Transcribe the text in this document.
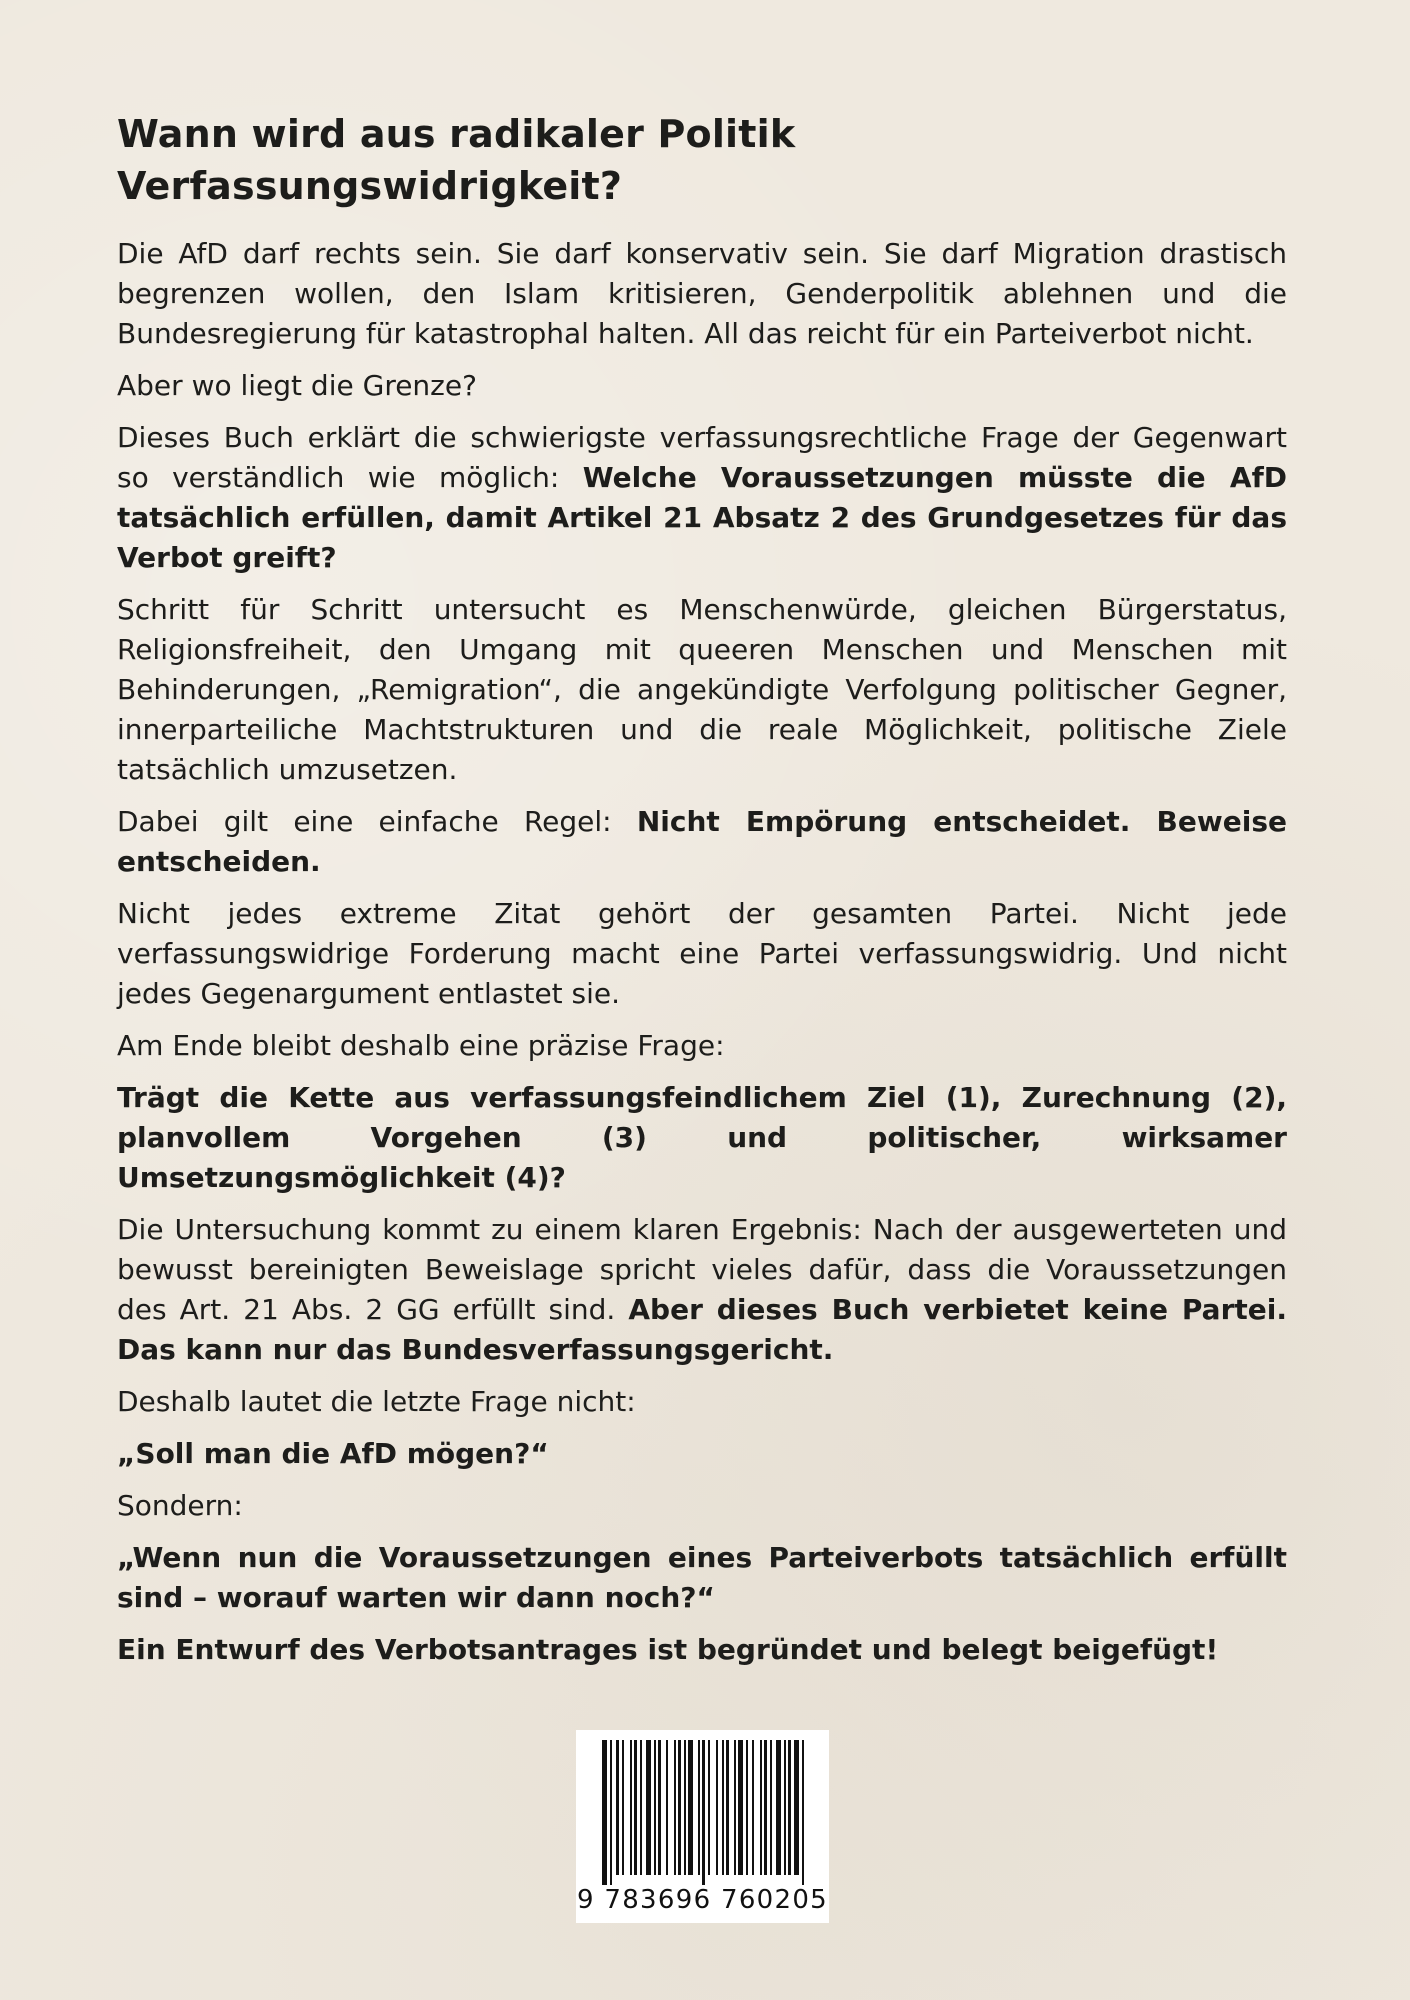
Wann wird aus radikaler Politik Verfassungswidrigkeit?

Die AfD darf rechts sein. Sie darf konservativ sein. Sie darf Migration drastisch begrenzen wollen, den Islam kritisieren, Genderpolitik ablehnen und die Bundesregierung für katastrophal halten. All das reicht für ein Parteiverbot nicht.

Aber wo liegt die Grenze?

Dieses Buch erklärt die schwierigste verfassungsrechtliche Frage der Gegenwart so verständlich wie möglich: Welche Voraussetzungen müsste die AfD tatsächlich erfüllen, damit Artikel 21 Absatz 2 des Grundgesetzes für das Verbot greift?

Schritt für Schritt untersucht es Menschenwürde, gleichen Bürgerstatus, Religionsfreiheit, den Umgang mit queeren Menschen und Menschen mit Behinderungen, „Remigration“, die angekündigte Verfolgung politischer Gegner, innerparteiliche Machtstrukturen und die reale Möglichkeit, politische Ziele tatsächlich umzusetzen.

Dabei gilt eine einfache Regel: Nicht Empörung entscheidet. Beweise entscheiden.

Nicht jedes extreme Zitat gehört der gesamten Partei. Nicht jede verfassungswidrige Forderung macht eine Partei verfassungswidrig. Und nicht jedes Gegenargument entlastet sie.

Am Ende bleibt deshalb eine präzise Frage:

Trägt die Kette aus verfassungsfeindlichem Ziel (1), Zurechnung (2), planvollem Vorgehen (3) und politischer, wirksamer Umsetzungsmöglichkeit (4)?

Die Untersuchung kommt zu einem klaren Ergebnis: Nach der ausgewerteten und bewusst bereinigten Beweislage spricht vieles dafür, dass die Voraussetzungen des Art. 21 Abs. 2 GG erfüllt sind. Aber dieses Buch verbietet keine Partei. Das kann nur das Bundesverfassungsgericht.

Deshalb lautet die letzte Frage nicht:

„Soll man die AfD mögen?“

Sondern:

„Wenn nun die Voraussetzungen eines Parteiverbots tatsächlich erfüllt sind – worauf warten wir dann noch?“

Ein Entwurf des Verbotsantrages ist begründet und belegt beigefügt!

9 783696 760205
